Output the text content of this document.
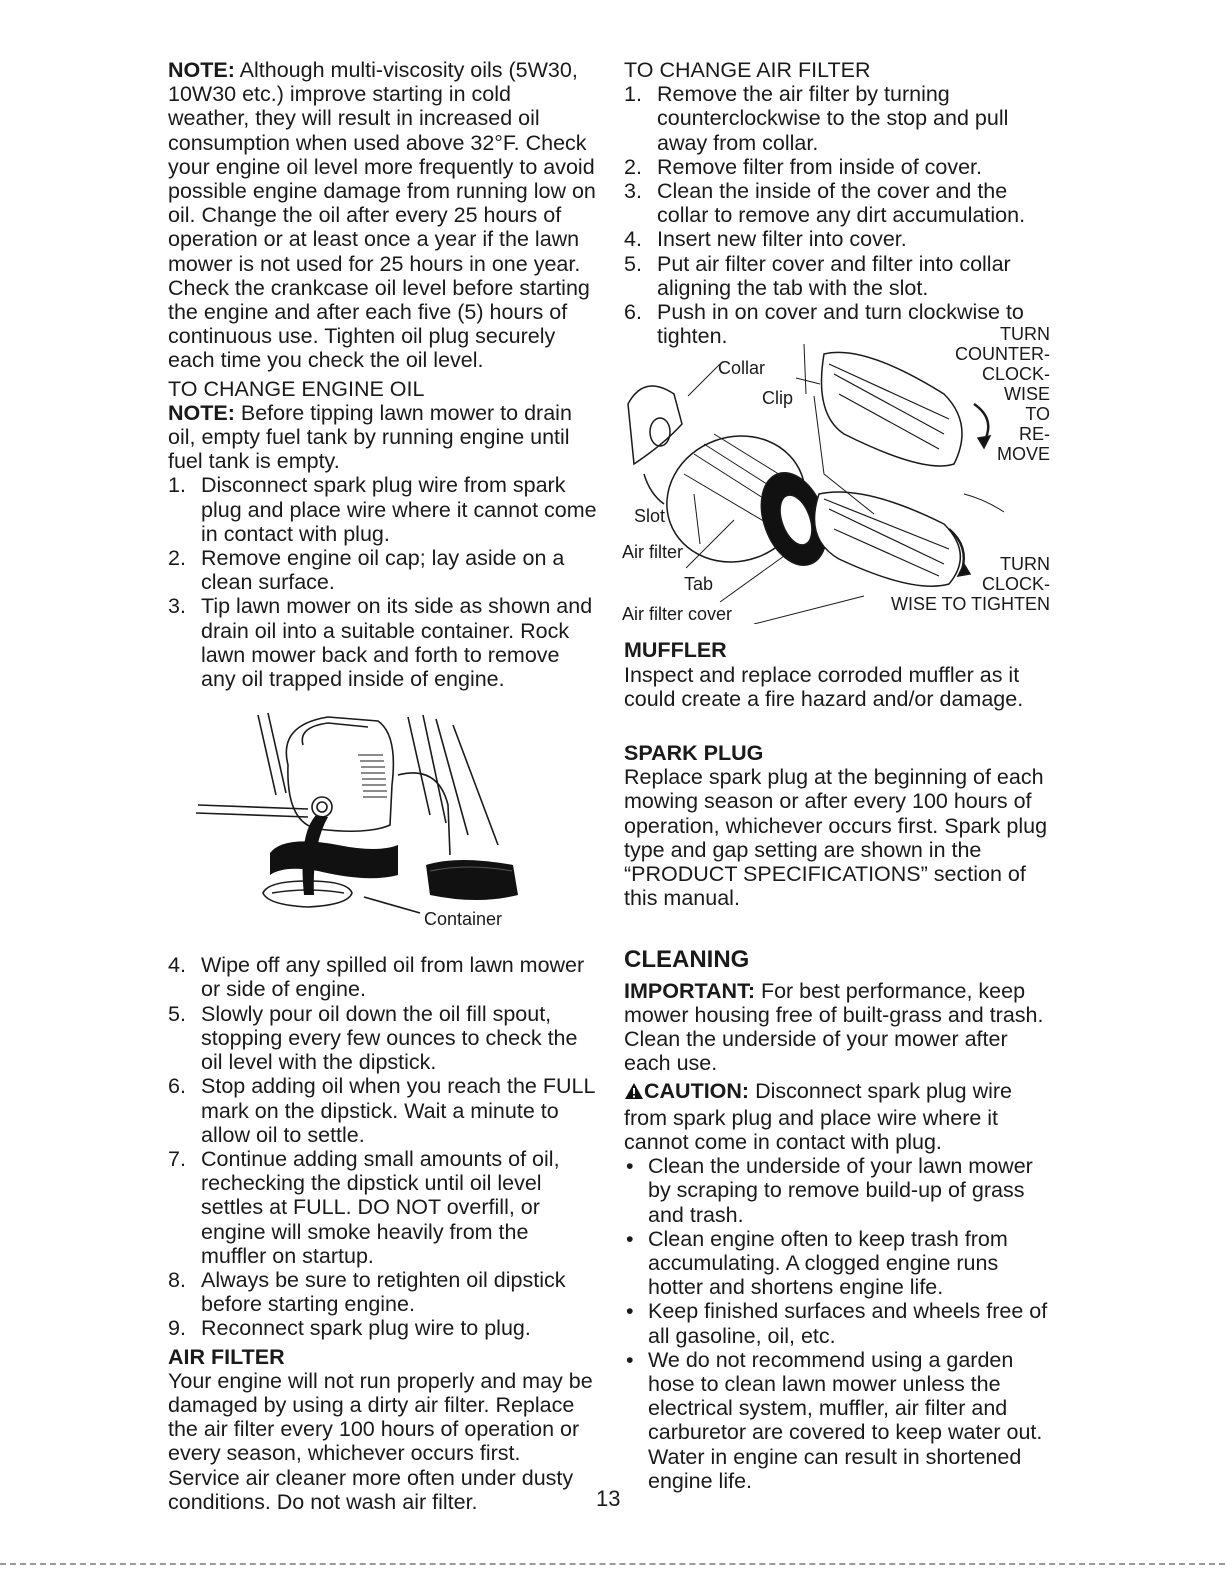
NOTE: Although multi-viscosity oils (5W30, 10W30 etc.) improve starting in cold weather, they will result in increased oil consumption when used above 32°F. Check your engine oil level more frequently to avoid possible engine damage from running low on oil. Change the oil after every 25 hours of operation or at least once a year if the lawn mower is not used for 25 hours in one year.

Check the crankcase oil level before starting the engine and after each five (5) hours of continuous use. Tighten oil plug securely each time you check the oil level.

TO CHANGE ENGINE OIL

NOTE: Before tipping lawn mower to drain oil, empty fuel tank by running engine until fuel tank is empty.

1. Disconnect spark plug wire from spark plug and place wire where it cannot come in contact with plug.
2. Remove engine oil cap; lay aside on a clean surface.
3. Tip lawn mower on its side as shown and drain oil into a suitable container. Rock lawn mower back and forth to remove any oil trapped inside of engine.
Container
4. Wipe off any spilled oil from lawn mower or side of engine.
5. Slowly pour oil down the oil fill spout, stopping every few ounces to check the oil level with the dipstick.
6. Stop adding oil when you reach the FULL mark on the dipstick. Wait a minute to allow oil to settle.
7. Continue adding small amounts of oil, rechecking the dipstick until oil level settles at FULL. DO NOT overfill, or engine will smoke heavily from the muffler on startup.
8. Always be sure to retighten oil dipstick before starting engine.
9. Reconnect spark plug wire to plug.

AIR FILTER

Your engine will not run properly and may be damaged by using a dirty air filter. Replace the air filter every 100 hours of operation or every season, whichever occurs first. Service air cleaner more often under dusty conditions. Do not wash air filter.

TO CHANGE AIR FILTER

1. Remove the air filter by turning counterclockwise to the stop and pull away from collar.
2. Remove filter from inside of cover.
3. Clean the inside of the cover and the collar to remove any dirt accumulation.
4. Insert new filter into cover.
5. Put air filter cover and filter into collar aligning the tab with the slot.
6. Push in on cover and turn clockwise to tighten.
Collar
Clip
Slot
Air filter
Tab
Air filter cover
TURN
COUNTER-
CLOCK-
WISE
TO
RE-
MOVE
TURN
CLOCK-
WISE TO TIGHTEN

MUFFLER

Inspect and replace corroded muffler as it could create a fire hazard and/or damage.

SPARK PLUG

Replace spark plug at the beginning of each mowing season or after every 100 hours of operation, whichever occurs first. Spark plug type and gap setting are shown in the “PRODUCT SPECIFICATIONS” section of this manual.

CLEANING

IMPORTANT: For best performance, keep mower housing free of built-grass and trash. Clean the underside of your mower after each use.

CAUTION: Disconnect spark plug wire from spark plug and place wire where it cannot come in contact with plug.

• Clean the underside of your lawn mower by scraping to remove build-up of grass and trash.
• Clean engine often to keep trash from accumulating. A clogged engine runs hotter and shortens engine life.
• Keep finished surfaces and wheels free of all gasoline, oil, etc.
• We do not recommend using a garden hose to clean lawn mower unless the electrical system, muffler, air filter and carburetor are covered to keep water out. Water in engine can result in shortened engine life.
13
